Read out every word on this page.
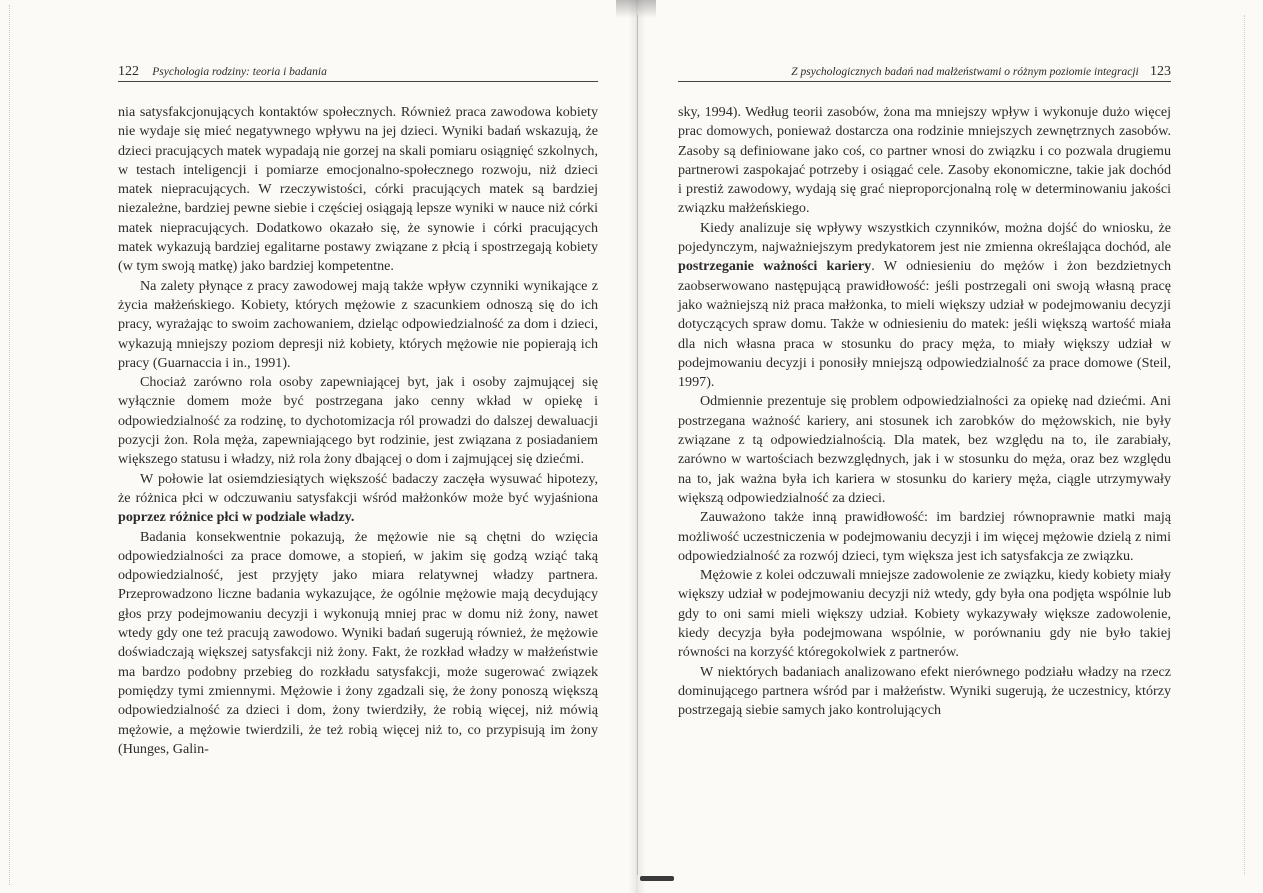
122 Psychologia rodziny: teoria i badania

nia satysfakcjonujących kontaktów społecznych. Również praca zawodowa kobiety nie wydaje się mieć negatywnego wpływu na jej dzieci. Wyniki badań wskazują, że dzieci pracujących matek wypadają nie gorzej na skali pomiaru osiągnięć szkolnych, w testach inteligencji i pomiarze emocjonalno-społecznego rozwoju, niż dzieci matek niepracujących. W rzeczywistości, córki pracujących matek są bardziej niezależne, bardziej pewne siebie i częściej osiągają lepsze wyniki w nauce niż córki matek niepracujących. Dodatkowo okazało się, że synowie i córki pracujących matek wykazują bardziej egalitarne postawy związane z płcią i spostrzegają kobiety (w tym swoją matkę) jako bardziej kompetentne.

Na zalety płynące z pracy zawodowej mają także wpływ czynniki wynikające z życia małżeńskiego. Kobiety, których mężowie z szacunkiem odnoszą się do ich pracy, wyrażając to swoim zachowaniem, dzieląc odpowiedzialność za dom i dzieci, wykazują mniejszy poziom depresji niż kobiety, których mężowie nie popierają ich pracy (Guarnaccia i in., 1991).

Chociaż zarówno rola osoby zapewniającej byt, jak i osoby zajmującej się wyłącznie domem może być postrzegana jako cenny wkład w opiekę i odpowiedzialność za rodzinę, to dychotomizacja ról prowadzi do dalszej dewaluacji pozycji żon. Rola męża, zapewniającego byt rodzinie, jest związana z posiadaniem większego statusu i władzy, niż rola żony dbającej o dom i zajmującej się dziećmi.

W połowie lat osiemdziesiątych większość badaczy zaczęła wysuwać hipotezy, że różnica płci w odczuwaniu satysfakcji wśród małżonków może być wyjaśniona poprzez różnice płci w podziale władzy.

Badania konsekwentnie pokazują, że mężowie nie są chętni do wzięcia odpowiedzialności za prace domowe, a stopień, w jakim się godzą wziąć taką odpowiedzialność, jest przyjęty jako miara relatywnej władzy partnera. Przeprowadzono liczne badania wykazujące, że ogólnie mężowie mają decydujący głos przy podejmowaniu decyzji i wykonują mniej prac w domu niż żony, nawet wtedy gdy one też pracują zawodowo. Wyniki badań sugerują również, że mężowie doświadczają większej satysfakcji niż żony. Fakt, że rozkład władzy w małżeństwie ma bardzo podobny przebieg do rozkładu satysfakcji, może sugerować związek pomiędzy tymi zmiennymi. Mężowie i żony zgadzali się, że żony ponoszą większą odpowiedzialność za dzieci i dom, żony twierdziły, że robią więcej, niż mówią mężowie, a mężowie twierdzili, że też robią więcej niż to, co przypisują im żony (Hunges, Galin-

Z psychologicznych badań nad małżeństwami o różnym poziomie integracji 123

sky, 1994). Według teorii zasobów, żona ma mniejszy wpływ i wykonuje dużo więcej prac domowych, ponieważ dostarcza ona rodzinie mniejszych zewnętrznych zasobów. Zasoby są definiowane jako coś, co partner wnosi do związku i co pozwala drugiemu partnerowi zaspokajać potrzeby i osiągać cele. Zasoby ekonomiczne, takie jak dochód i prestiż zawodowy, wydają się grać nieproporcjonalną rolę w determinowaniu jakości związku małżeńskiego.

Kiedy analizuje się wpływy wszystkich czynników, można dojść do wniosku, że pojedynczym, najważniejszym predykatorem jest nie zmienna określająca dochód, ale postrzeganie ważności kariery. W odniesieniu do mężów i żon bezdzietnych zaobserwowano następującą prawidłowość: jeśli postrzegali oni swoją własną pracę jako ważniejszą niż praca małżonka, to mieli większy udział w podejmowaniu decyzji dotyczących spraw domu. Także w odniesieniu do matek: jeśli większą wartość miała dla nich własna praca w stosunku do pracy męża, to miały większy udział w podejmowaniu decyzji i ponosiły mniejszą odpowiedzialność za prace domowe (Steil, 1997).

Odmiennie prezentuje się problem odpowiedzialności za opiekę nad dziećmi. Ani postrzegana ważność kariery, ani stosunek ich zarobków do mężowskich, nie były związane z tą odpowiedzialnością. Dla matek, bez względu na to, ile zarabiały, zarówno w wartościach bezwzględnych, jak i w stosunku do męża, oraz bez względu na to, jak ważna była ich kariera w stosunku do kariery męża, ciągle utrzymywały większą odpowiedzialność za dzieci.

Zauważono także inną prawidłowość: im bardziej równoprawnie matki mają możliwość uczestniczenia w podejmowaniu decyzji i im więcej mężowie dzielą z nimi odpowiedzialność za rozwój dzieci, tym większa jest ich satysfakcja ze związku.

Mężowie z kolei odczuwali mniejsze zadowolenie ze związku, kiedy kobiety miały większy udział w podejmowaniu decyzji niż wtedy, gdy była ona podjęta wspólnie lub gdy to oni sami mieli większy udział. Kobiety wykazywały większe zadowolenie, kiedy decyzja była podejmowana wspólnie, w porównaniu gdy nie było takiej równości na korzyść któregokolwiek z partnerów.

W niektórych badaniach analizowano efekt nierównego podziału władzy na rzecz dominującego partnera wśród par i małżeństw. Wyniki sugerują, że uczestnicy, którzy postrzegają siebie samych jako kontrolujących
